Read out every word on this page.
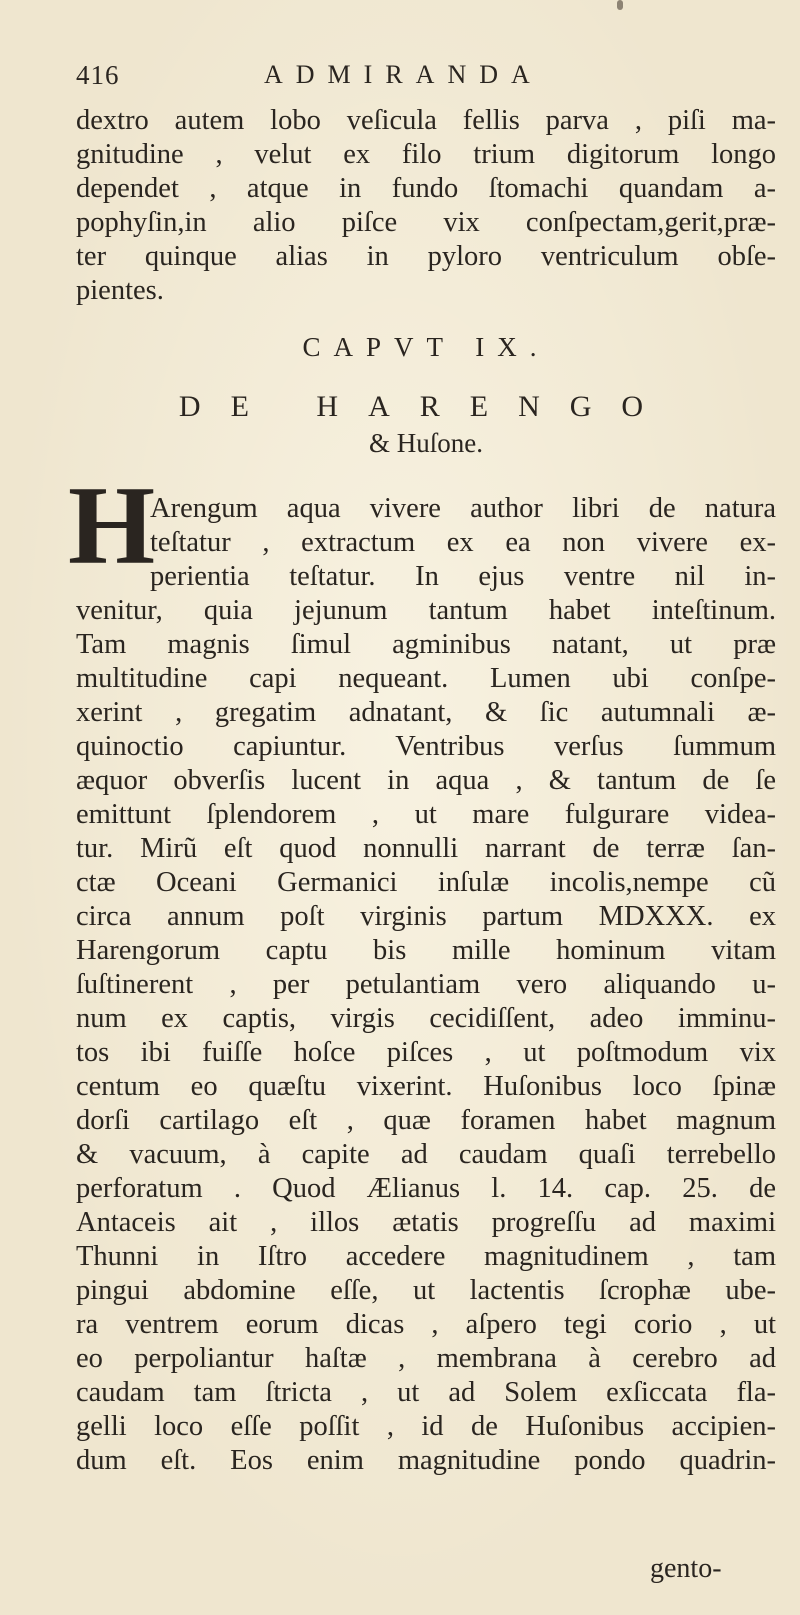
416	ADMIRANDA
dextro autem lobo veſicula fellis parva , piſi ma-
gnitudine , velut ex filo trium digitorum longo
dependet , atque in fundo ſtomachi quandam a-
pophyſin,in alio piſce vix conſpectam,gerit,præ-
ter quinque alias in pyloro ventriculum obſe-
pientes.
CAPVT IX.
DE HARENGO
& Huſone.
H
Arengum aqua vivere author libri de natura
teſtatur , extractum ex ea non vivere ex-
perientia teſtatur. In ejus ventre nil in-
venitur, quia jejunum tantum habet inteſtinum.
Tam magnis ſimul agminibus natant, ut præ
multitudine capi nequeant. Lumen ubi conſpe-
xerint , gregatim adnatant, & ſic autumnali æ-
quinoctio capiuntur. Ventribus verſus ſummum
æquor obverſis lucent in aqua , & tantum de ſe
emittunt ſplendorem , ut mare fulgurare videa-
tur. Mirũ eſt quod nonnulli narrant de terræ ſan-
ctæ Oceani Germanici inſulæ incolis,nempe cũ
circa annum poſt virginis partum MDXXX. ex
Harengorum captu bis mille hominum vitam
ſuſtinerent , per petulantiam vero aliquando u-
num ex captis, virgis cecidiſſent, adeo imminu-
tos ibi fuiſſe hoſce piſces , ut poſtmodum vix
centum eo quæſtu vixerint. Huſonibus loco ſpinæ
dorſi cartilago eſt , quæ foramen habet magnum
& vacuum, à capite ad caudam quaſi terrebello
perforatum . Quod Ælianus l. 14. cap. 25. de
Antaceis ait , illos ætatis progreſſu ad maximi
Thunni in Iſtro accedere magnitudinem , tam
pingui abdomine eſſe, ut lactentis ſcrophæ ube-
ra ventrem eorum dicas , aſpero tegi corio , ut
eo perpoliantur haſtæ , membrana à cerebro ad
caudam tam ſtricta , ut ad Solem exſiccata fla-
gelli loco eſſe poſſit , id de Huſonibus accipien-
dum eſt. Eos enim magnitudine pondo quadrin-
gento-
